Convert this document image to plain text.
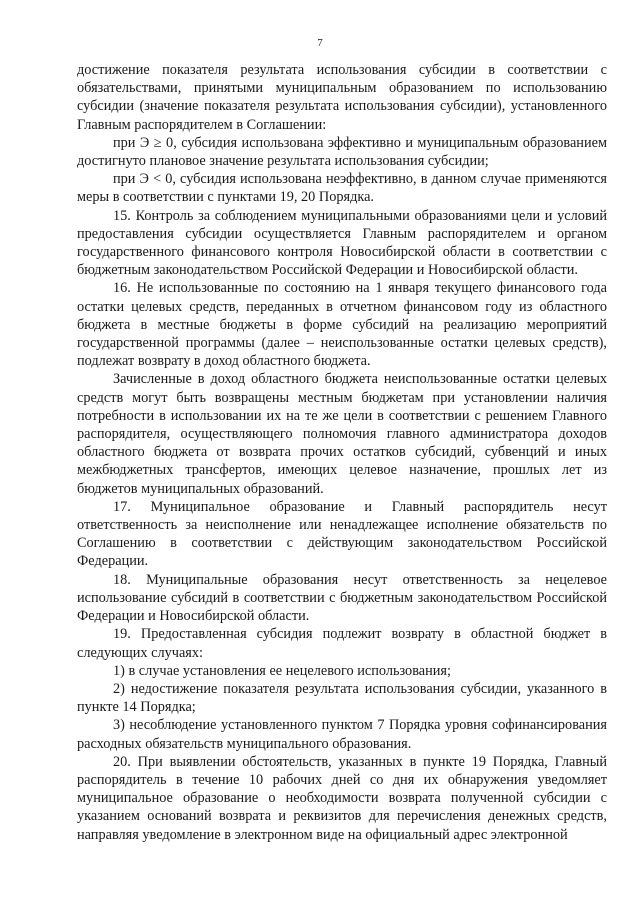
7

достижение показателя результата использования субсидии в соответствии с обязательствами, принятыми муниципальным образованием по использованию субсидии (значение показателя результата использования субсидии), установленного Главным распорядителем в Соглашении:

при Э ≥ 0, субсидия использована эффективно и муниципальным образованием достигнуто плановое значение результата использования субсидии;

при Э < 0, субсидия использована неэффективно, в данном случае применяются меры в соответствии с пунктами 19, 20 Порядка.

15. Контроль за соблюдением муниципальными образованиями цели и условий предоставления субсидии осуществляется Главным распорядителем и органом государственного финансового контроля Новосибирской области в соответствии с бюджетным законодательством Российской Федерации и Новосибирской области.

16. Не использованные по состоянию на 1 января текущего финансового года остатки целевых средств, переданных в отчетном финансовом году из областного бюджета в местные бюджеты в форме субсидий на реализацию мероприятий государственной программы (далее – неиспользованные остатки целевых средств), подлежат возврату в доход областного бюджета.

Зачисленные в доход областного бюджета неиспользованные остатки целевых средств могут быть возвращены местным бюджетам при установлении наличия потребности в использовании их на те же цели в соответствии с решением Главного распорядителя, осуществляющего полномочия главного администратора доходов областного бюджета от возврата прочих остатков субсидий, субвенций и иных межбюджетных трансфертов, имеющих целевое назначение, прошлых лет из бюджетов муниципальных образований.

17. Муниципальное образование и Главный распорядитель несут ответственность за неисполнение или ненадлежащее исполнение обязательств по Соглашению в соответствии с действующим законодательством Российской Федерации.

18. Муниципальные образования несут ответственность за нецелевое использование субсидий в соответствии с бюджетным законодательством Российской Федерации и Новосибирской области.

19. Предоставленная субсидия подлежит возврату в областной бюджет в следующих случаях:

1) в случае установления ее нецелевого использования;

2) недостижение показателя результата использования субсидии, указанного в пункте 14 Порядка;

3) несоблюдение установленного пунктом 7 Порядка уровня софинансирования расходных обязательств муниципального образования.

20. При выявлении обстоятельств, указанных в пункте 19 Порядка, Главный распорядитель в течение 10 рабочих дней со дня их обнаружения уведомляет муниципальное образование о необходимости возврата полученной субсидии с указанием оснований возврата и реквизитов для перечисления денежных средств, направляя уведомление в электронном виде на официальный адрес электронной
